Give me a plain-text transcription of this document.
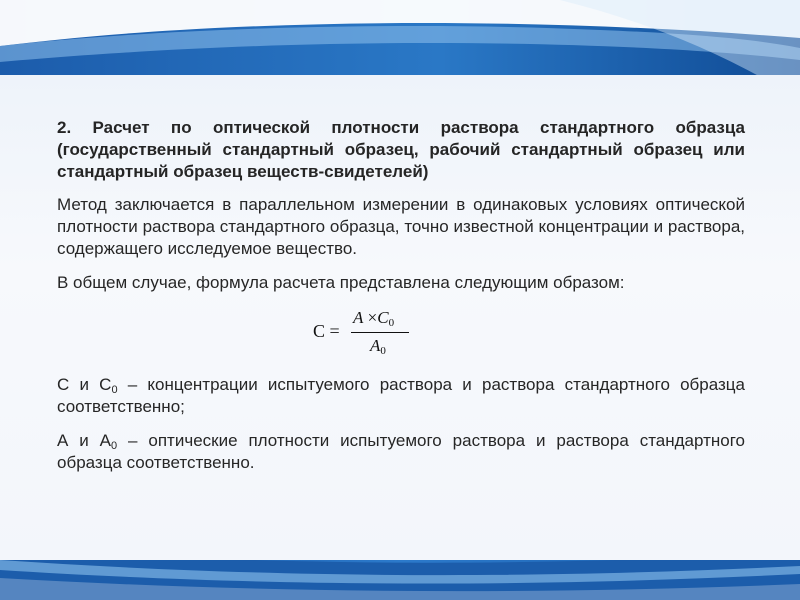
2. Расчет по оптической плотности раствора стандартного образца (государственный стандартный образец, рабочий стандартный образец или стандартный образец веществ-свидетелей)

Метод заключается в параллельном измерении в одинаковых условиях оптической плотности раствора стандартного образца, точно известной концентрации и раствора, содержащего исследуемое вещество.

В общем случае, формула расчета представлена следующим образом:

C =
$A \times C_0$
$A_0$

С и $С_0$ – концентрации испытуемого раствора и раствора стандартного образца соответственно;

А и $А_0$ – оптические плотности испытуемого раствора и раствора стандартного образца соответственно.
